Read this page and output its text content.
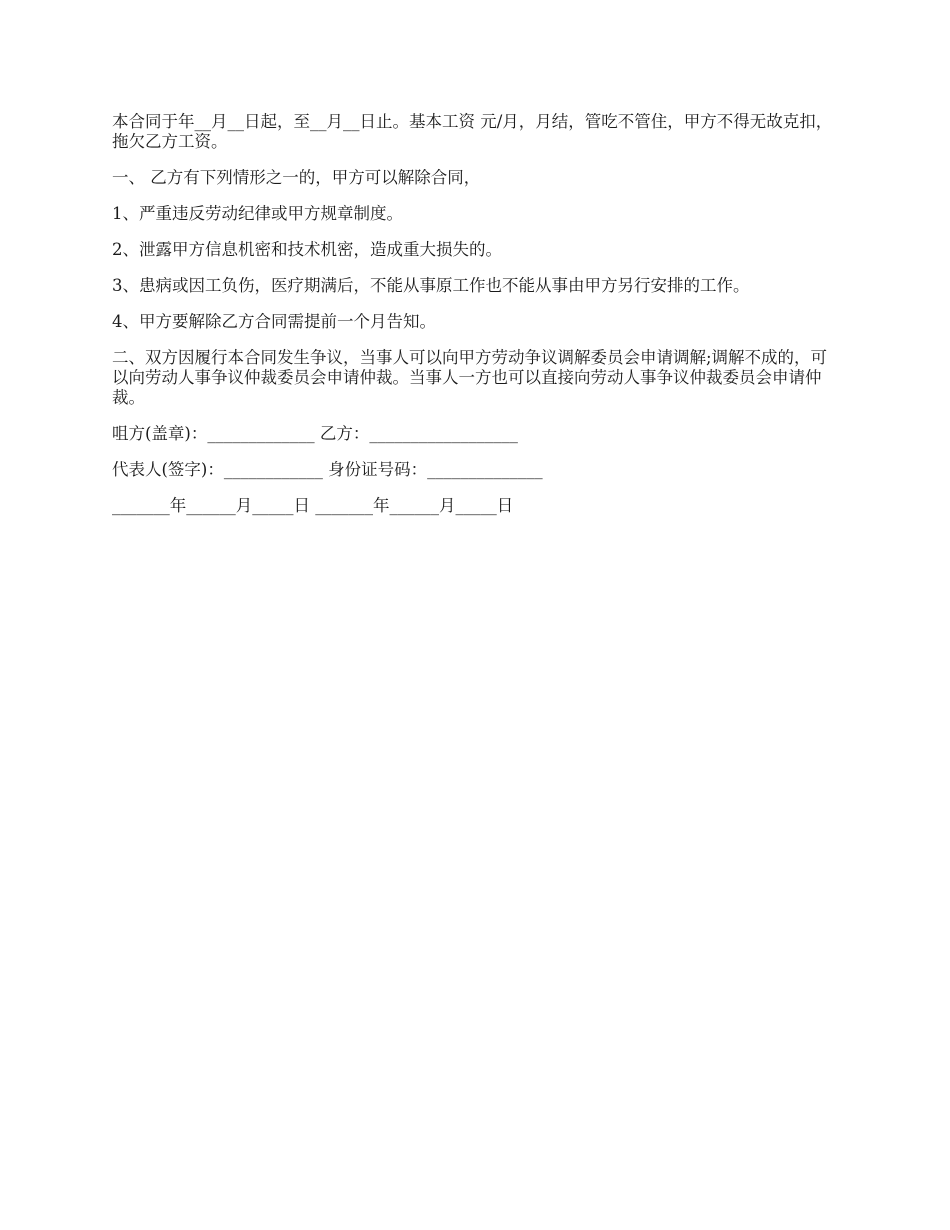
本合同于年__月__日起，至__月__日止。基本工资 元/月，月结，管吃不管住，甲方不得无故克扣，拖欠乙方工资。

一、 乙方有下列情形之一的，甲方可以解除合同，

1、严重违反劳动纪律或甲方规章制度。

2、泄露甲方信息机密和技术机密，造成重大损失的。

3、患病或因工负伤，医疗期满后，不能从事原工作也不能从事由甲方另行安排的工作。

4、甲方要解除乙方合同需提前一个月告知。

二、双方因履行本合同发生争议，当事人可以向甲方劳动争议调解委员会申请调解;调解不成的，可以向劳动人事争议仲裁委员会申请仲裁。当事人一方也可以直接向劳动人事争议仲裁委员会申请仲裁。

咀方(盖章)：_____________ 乙方：__________________

代表人(签字)：____________ 身份证号码：______________

_______年______月_____日 _______年______月_____日
